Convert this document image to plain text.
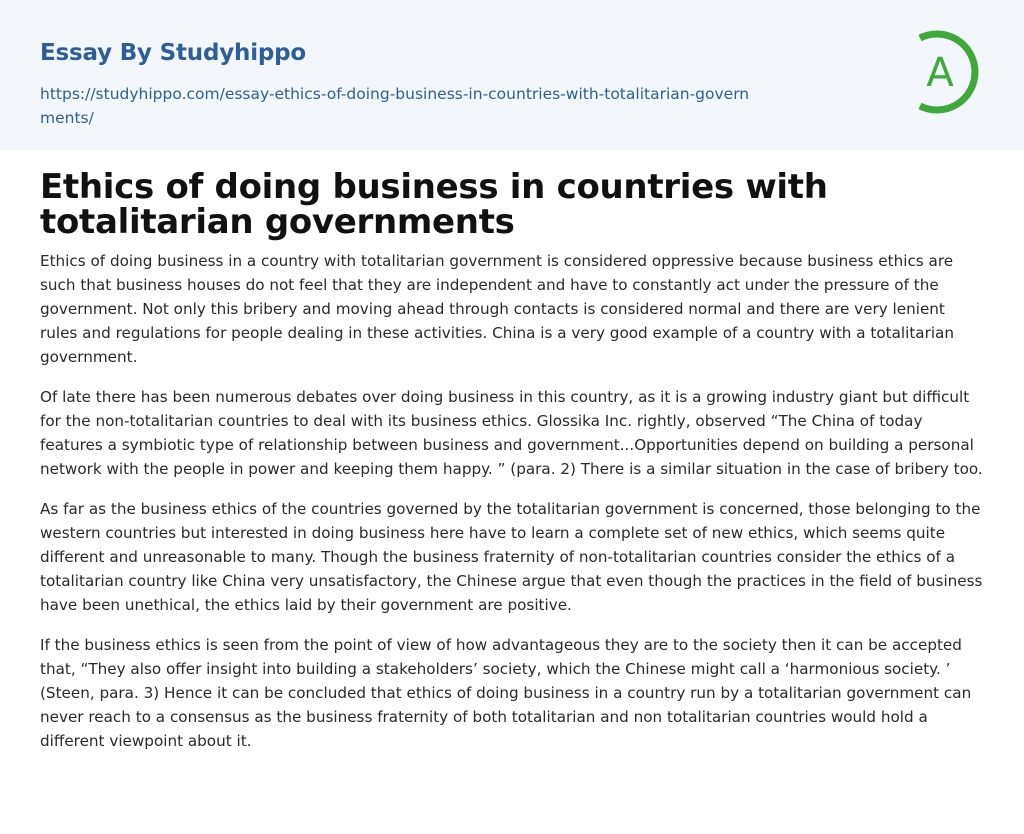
Essay By Studyhippo
https://studyhippo.com/essay-ethics-of-doing-business-in-countries-with-totalitarian-governments/
A
Ethics of doing business in countries with totalitarian governments

Ethics of doing business in a country with totalitarian government is considered oppressive because business ethics are such that business houses do not feel that they are independent and have to constantly act under the pressure of the government. Not only this bribery and moving ahead through contacts is considered normal and there are very lenient rules and regulations for people dealing in these activities. China is a very good example of a country with a totalitarian government.

Of late there has been numerous debates over doing business in this country, as it is a growing industry giant but difficult for the non-totalitarian countries to deal with its business ethics. Glossika Inc. rightly, observed “The China of today features a symbiotic type of relationship between business and government...Opportunities depend on building a personal network with the people in power and keeping them happy. ” (para. 2) There is a similar situation in the case of bribery too.

As far as the business ethics of the countries governed by the totalitarian government is concerned, those belonging to the western countries but interested in doing business here have to learn a complete set of new ethics, which seems quite different and unreasonable to many. Though the business fraternity of non-totalitarian countries consider the ethics of a totalitarian country like China very unsatisfactory, the Chinese argue that even though the practices in the field of business have been unethical, the ethics laid by their government are positive.

If the business ethics is seen from the point of view of how advantageous they are to the society then it can be accepted that, “They also offer insight into building a stakeholders’ society, which the Chinese might call a ‘harmonious society. ’ (Steen, para. 3) Hence it can be concluded that ethics of doing business in a country run by a totalitarian government can never reach to a consensus as the business fraternity of both totalitarian and non totalitarian countries would hold a different viewpoint about it.
